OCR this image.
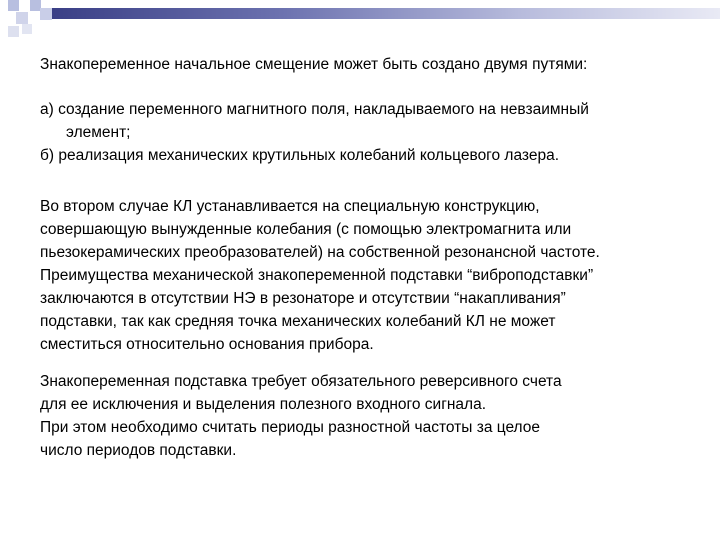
Знакопеременное начальное смещение может быть создано двумя путями:

а) создание переменного магнитного поля, накладываемого на невзаимный
элемент;
б) реализация механических крутильных колебаний кольцевого лазера.
Во втором случае КЛ устанавливается на специальную конструкцию,
совершающую вынужденные колебания (с помощью электромагнита или
пьезокерамических преобразователей) на собственной резонансной частоте.
Преимущества механической знакопеременной подставки “виброподставки”
заключаются в отсутствии НЭ в резонаторе и отсутствии “накапливания”
подставки, так как средняя точка механических колебаний КЛ не может
сместиться относительно основания прибора.
Знакопеременная подставка требует обязательного реверсивного счета
для ее исключения и выделения полезного входного сигнала.
При этом необходимо считать периоды разностной частоты за целое
число периодов подставки.
